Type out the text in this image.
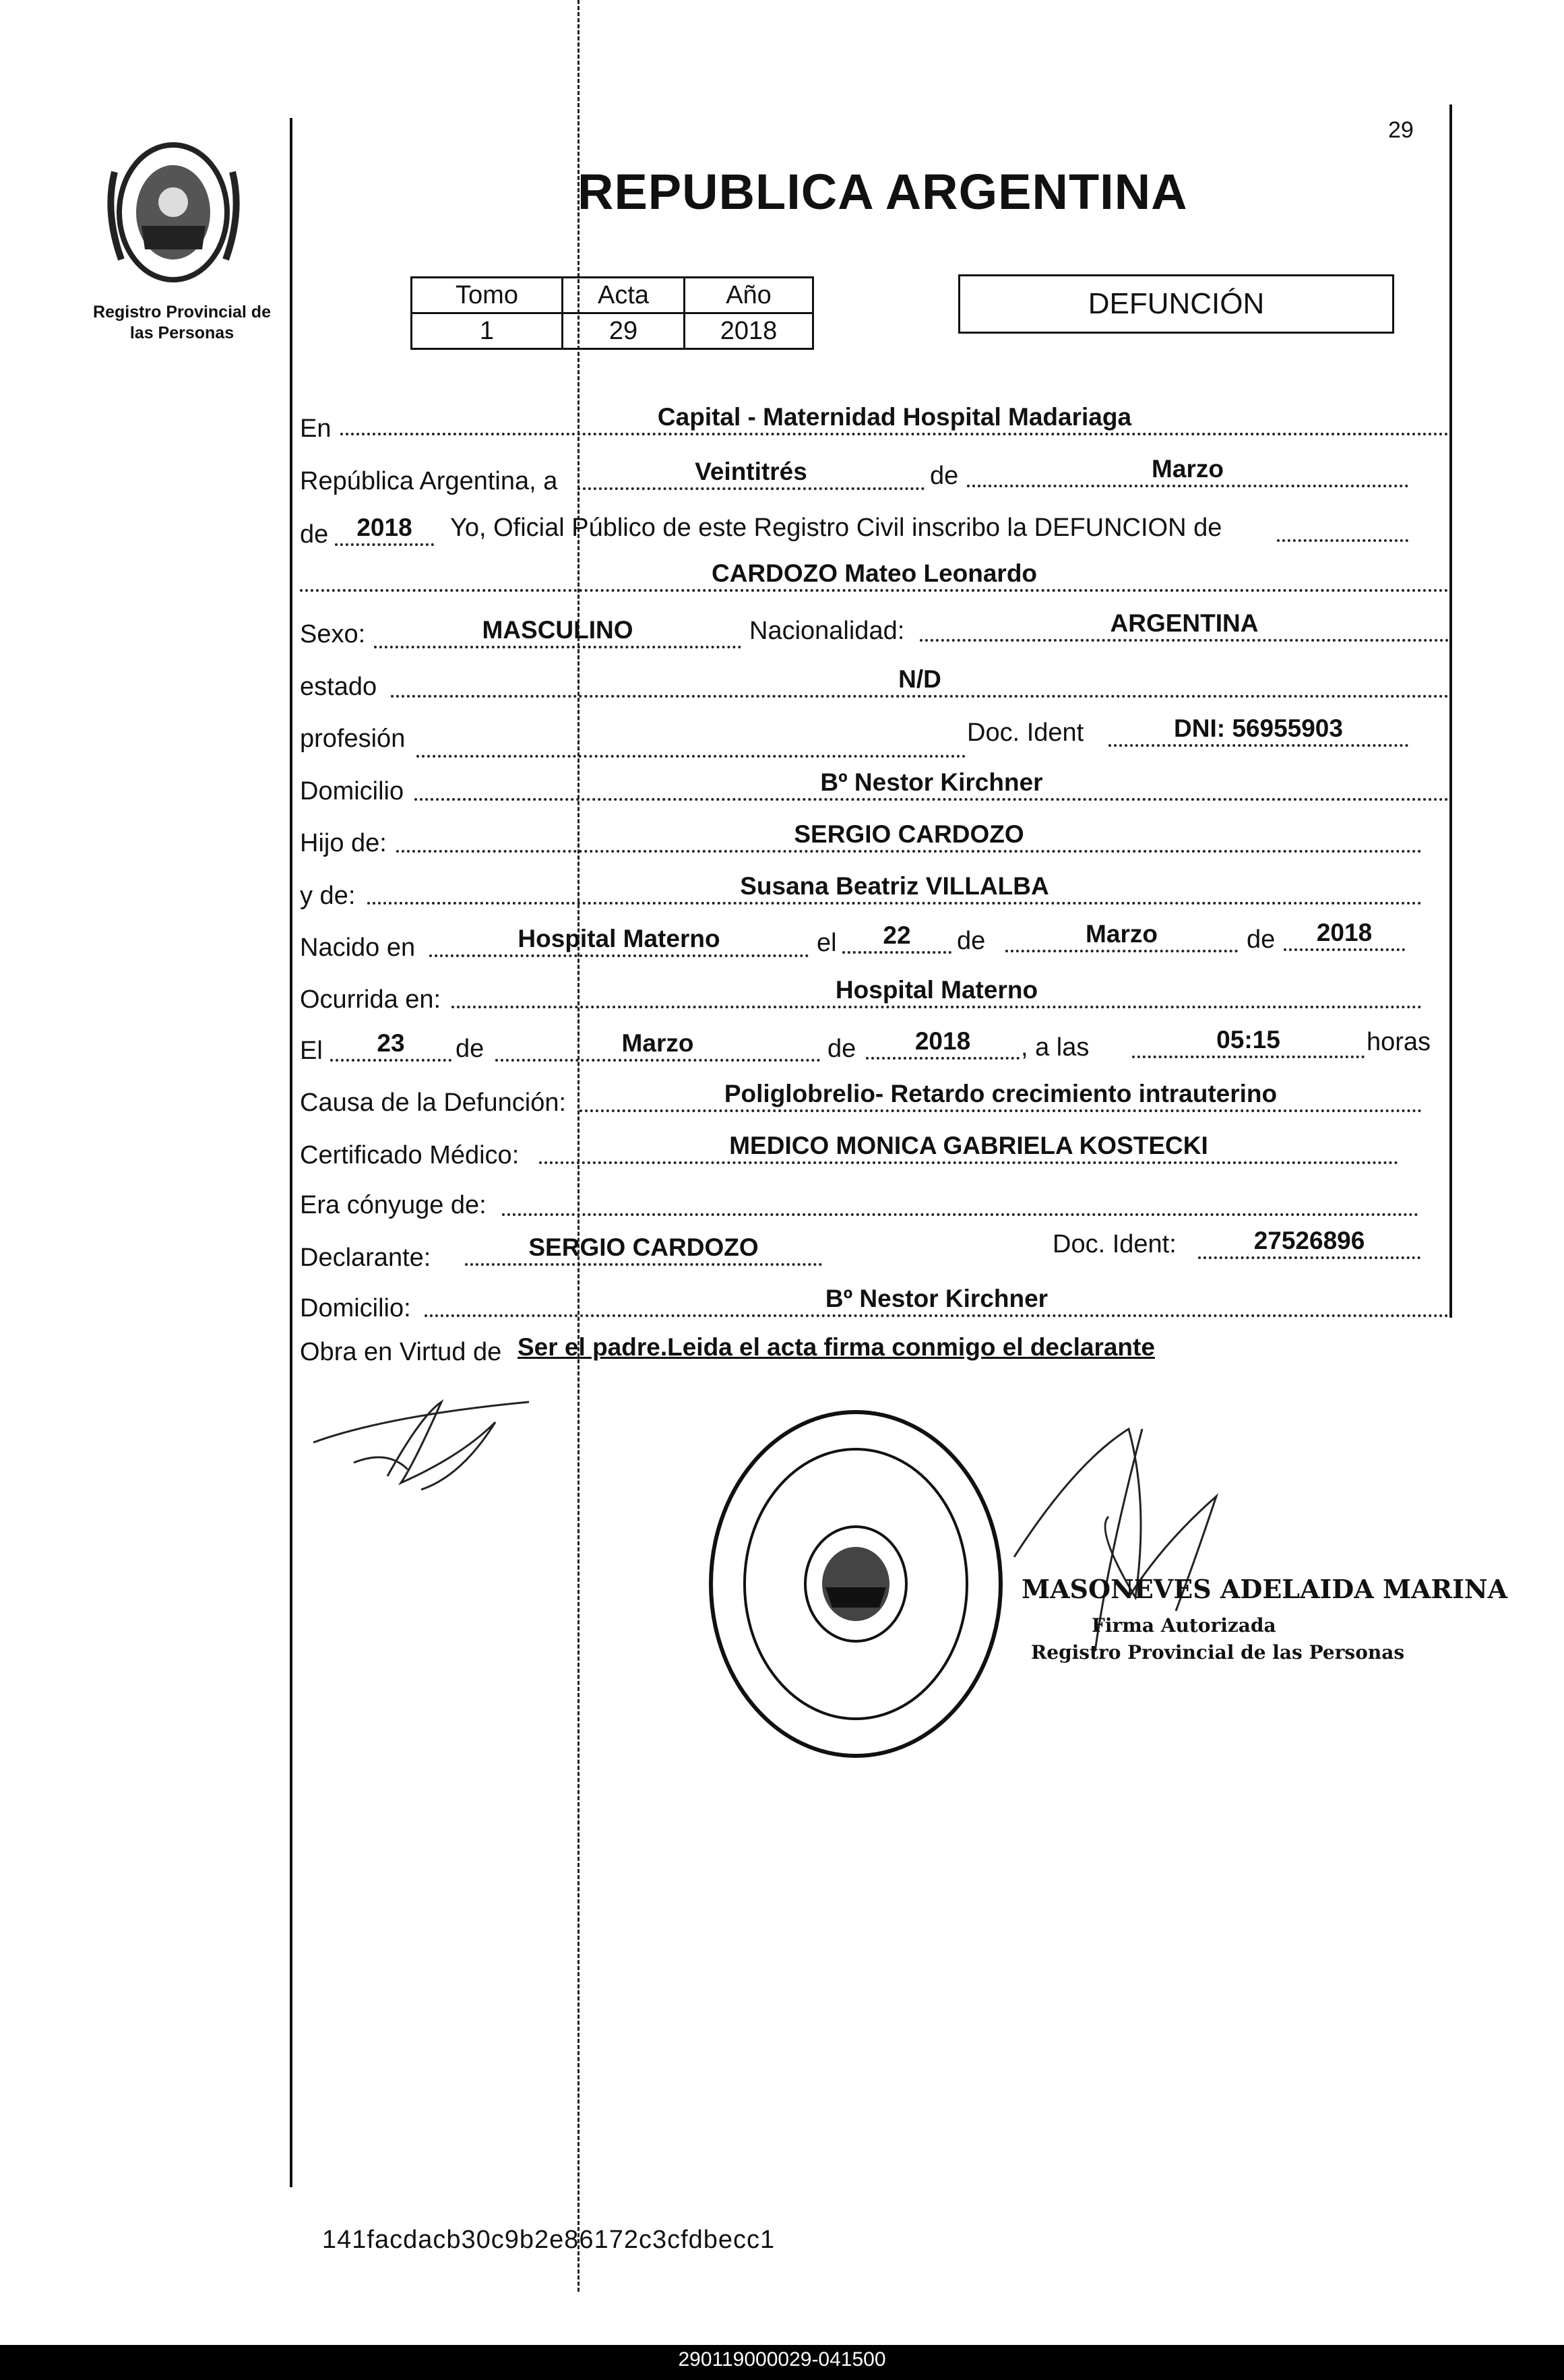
Registro Provincial de las Personas
29
REPUBLICA ARGENTINA
Tomo	Acta	Año
1	29	2018
DEFUNCIÓN
En	Capital - Maternidad Hospital Madariaga
República Argentina, a	Veintitrés	de	Marzo
de	2018	Yo, Oficial Público de este Registro Civil inscribo la DEFUNCION de
CARDOZO Mateo Leonardo
Sexo:	MASCULINO	Nacionalidad:	ARGENTINA
estado	N/D
profesión	Doc. Ident	DNI: 56955903
Domicilio	Bº Nestor Kirchner
Hijo de:	SERGIO CARDOZO
y de:	Susana Beatriz VILLALBA
Nacido en	Hospital Materno	el	22	de	Marzo	de	2018
Ocurrida en:	Hospital Materno
El	23	de	Marzo	de	2018	, a las	05:15	horas
Causa de la Defunción:	Poliglobrelio- Retardo crecimiento intrauterino
Certificado Médico:	MEDICO MONICA GABRIELA KOSTECKI
Era cónyuge de:
Declarante:	SERGIO CARDOZO	Doc. Ident:	27526896
Domicilio:	Bº Nestor Kirchner
Obra en Virtud de Ser el padre.Leida el acta firma conmigo el declarante
MASONEVES ADELAIDA MARINA
Firma Autorizada
Registro Provincial de las Personas
141facdacb30c9b2e86172c3cfdbecc1
290119000029-041500
